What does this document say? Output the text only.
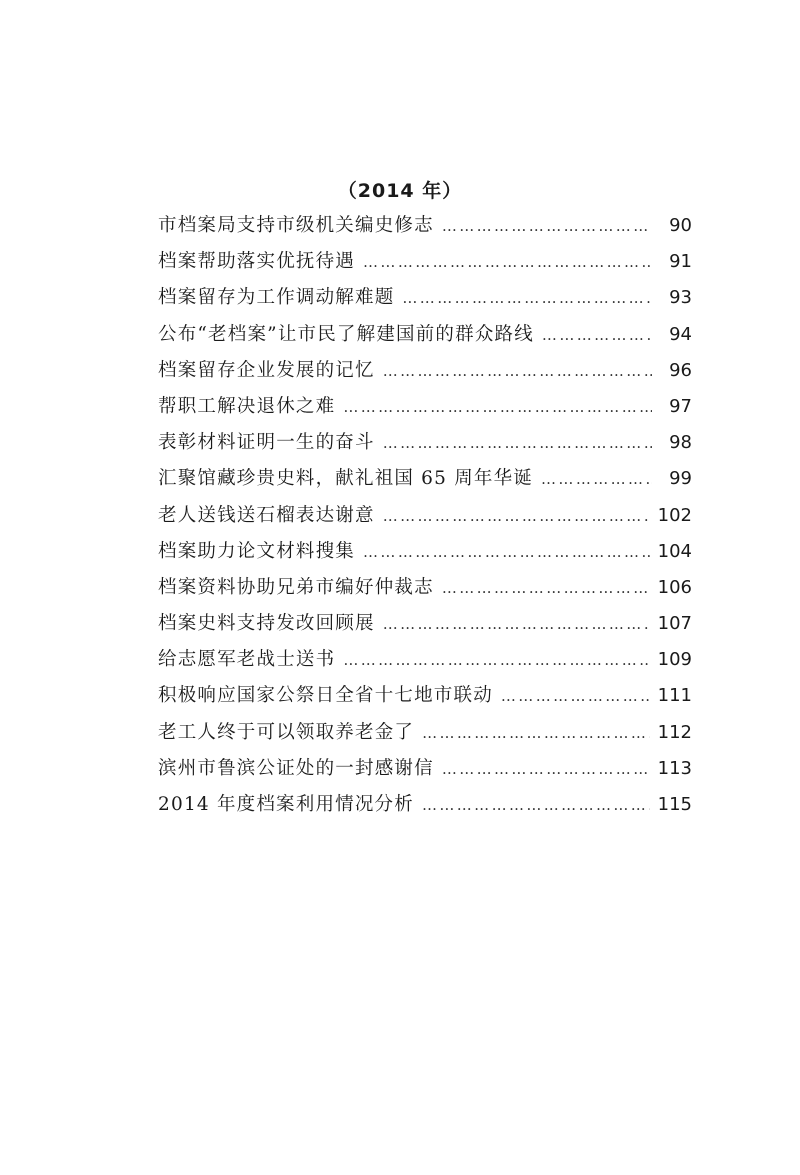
（2014 年）
市档案局支持市级机关编史修志 …………………………………………………………………………………………	90
档案帮助落实优抚待遇 …………………………………………………………………………………………	91
档案留存为工作调动解难题 …………………………………………………………………………………………	93
公布“老档案”让市民了解建国前的群众路线 …………………………………………………………………………………………	94
档案留存企业发展的记忆 …………………………………………………………………………………………	96
帮职工解决退休之难 …………………………………………………………………………………………	97
表彰材料证明一生的奋斗 …………………………………………………………………………………………	98
汇聚馆藏珍贵史料，献礼祖国 65 周年华诞 …………………………………………………………………………………………	99
老人送钱送石榴表达谢意 …………………………………………………………………………………………	102
档案助力论文材料搜集 …………………………………………………………………………………………	104
档案资料协助兄弟市编好仲裁志 …………………………………………………………………………………………	106
档案史料支持发改回顾展 …………………………………………………………………………………………	107
给志愿军老战士送书 …………………………………………………………………………………………	109
积极响应国家公祭日全省十七地市联动 …………………………………………………………………………………………	111
老工人终于可以领取养老金了 …………………………………………………………………………………………	112
滨州市鲁滨公证处的一封感谢信 …………………………………………………………………………………………	113
2014 年度档案利用情况分析 …………………………………………………………………………………………	115
